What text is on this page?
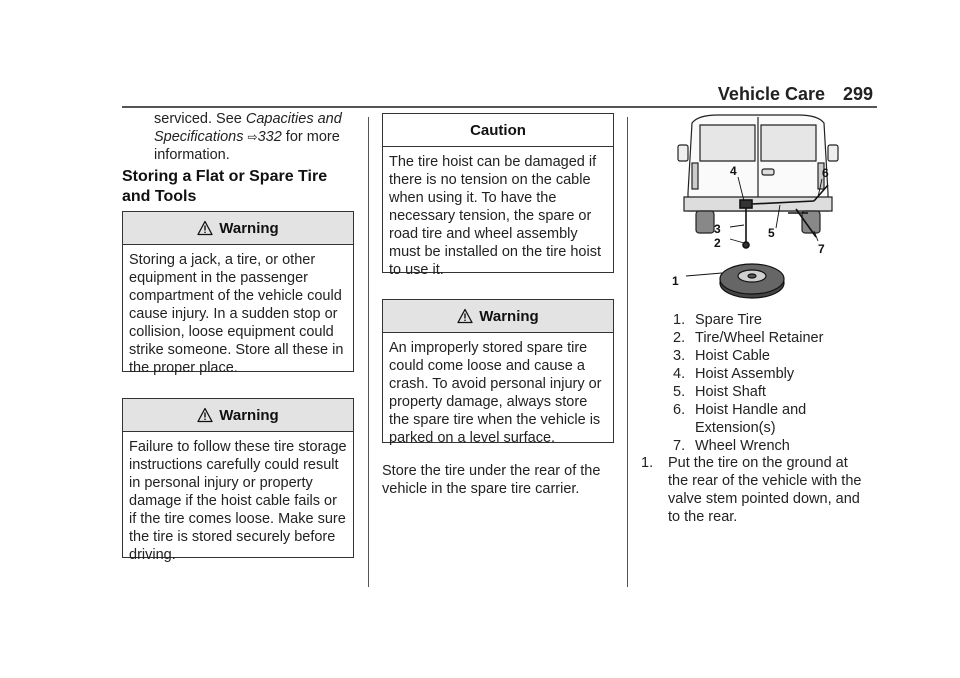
Vehicle Care 299
serviced. See Capacities and Specifications ⇨332 for more information.
Storing a Flat or Spare Tire and Tools
Warning
Storing a jack, a tire, or other equipment in the passenger compartment of the vehicle could cause injury. In a sudden stop or collision, loose equipment could strike someone. Store all these in the proper place.
Warning
Failure to follow these tire storage instructions carefully could result in personal injury or property damage if the hoist cable fails or if the tire comes loose. Make sure the tire is stored securely before driving.
Caution
The tire hoist can be damaged if there is no tension on the cable when using it. To have the necessary tension, the spare or road tire and wheel assembly must be installed on the tire hoist to use it.
Warning
An improperly stored spare tire could come loose and cause a crash. To avoid personal injury or property damage, always store the spare tire when the vehicle is parked on a level surface.
Store the tire under the rear of the vehicle in the spare tire carrier.
1
2
3
4
5
6
7
1. Spare Tire
2. Tire/Wheel Retainer
3. Hoist Cable
4. Hoist Assembly
5. Hoist Shaft
6. Hoist Handle and Extension(s)
7. Wheel Wrench
1.	Put the tire on the ground at the rear of the vehicle with the valve stem pointed down, and to the rear.
